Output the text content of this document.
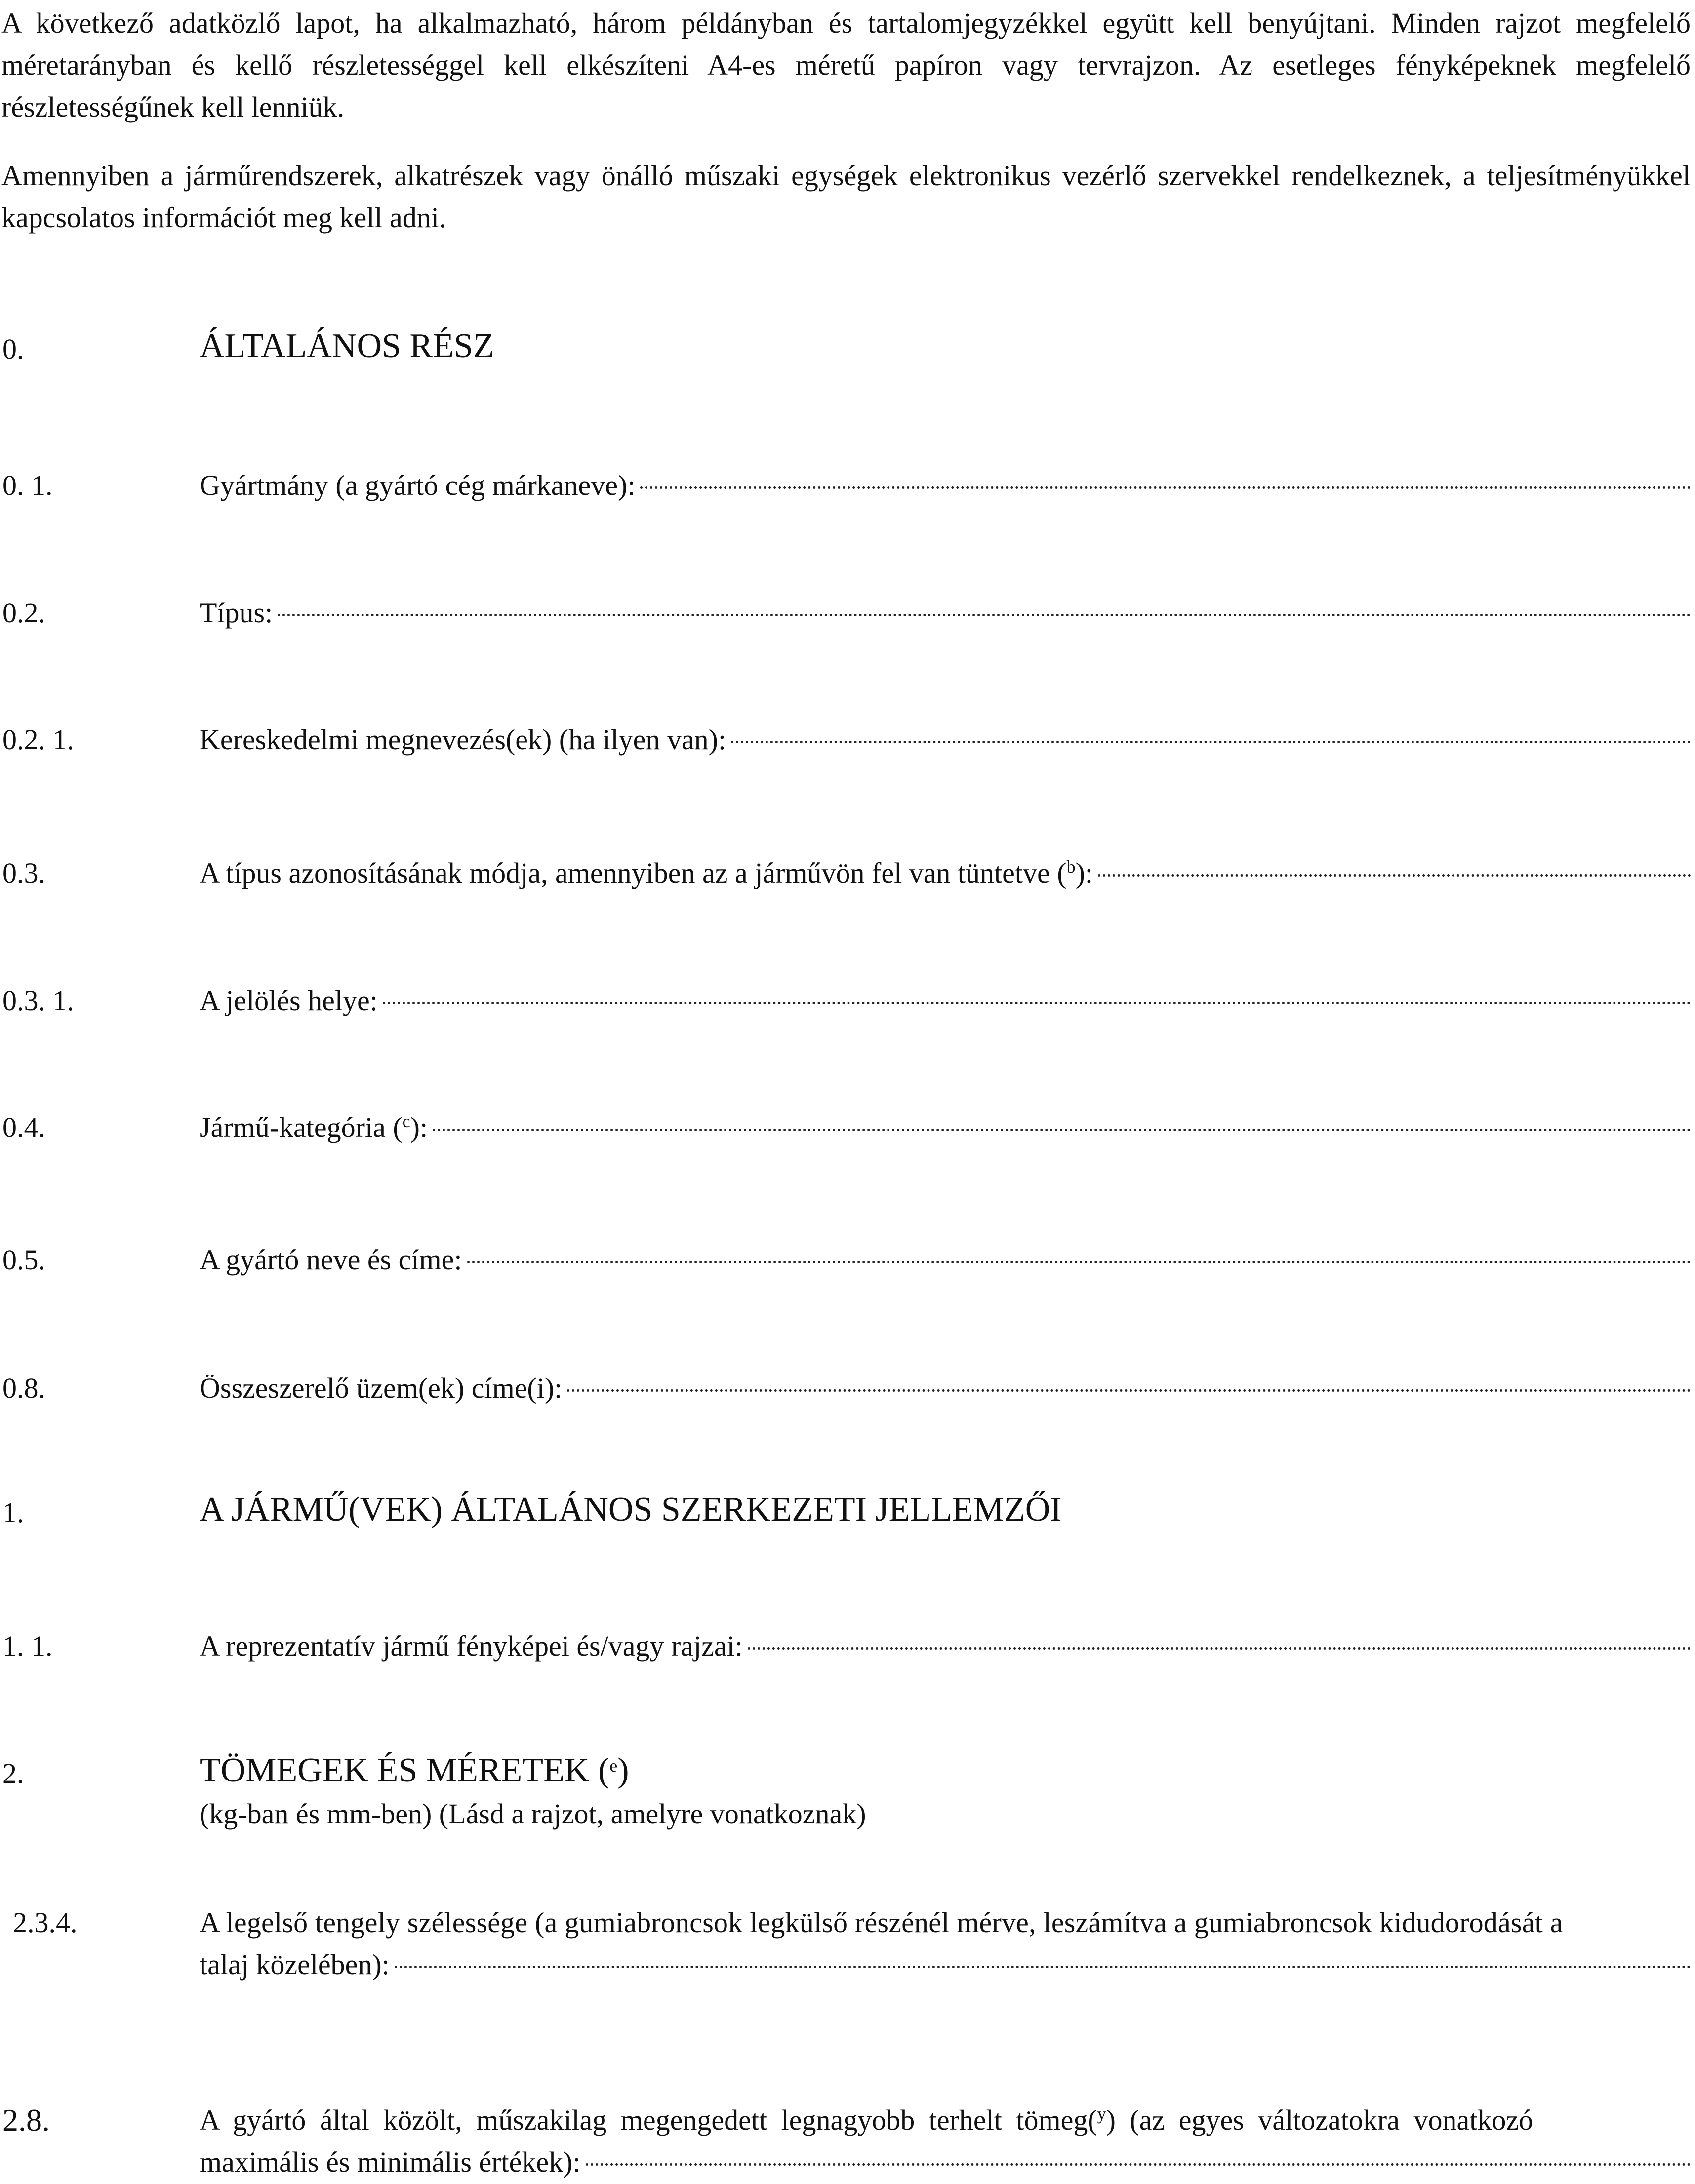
A következő adatközlő lapot, ha alkalmazható, három példányban és tartalomjegyzékkel együtt kell benyújtani. Minden rajzot megfelelő méretarányban és kellő részletességgel kell elkészíteni A4-es méretű papíron vagy tervrajzon. Az esetleges fényképeknek megfelelő részletességűnek kell lenniük.

Amennyiben a járműrendszerek, alkatrészek vagy önálló műszaki egységek elektronikus vezérlő szervekkel rendelkeznek, a teljesítményükkel kapcsolatos információt meg kell adni.

0.	ÁLTALÁNOS RÉSZ
0. 1.	Gyártmány (a gyártó cég márkaneve):
0.2.	Típus:
0.2. 1.	Kereskedelmi megnevezés(ek) (ha ilyen van):
0.3.	A típus azonosításának módja, amennyiben az a járművön fel van tüntetve ($^b$):
0.3. 1.	A jelölés helye:
0.4.	Jármű-kategória ($^c$):
0.5.	A gyártó neve és címe:
0.8.	Összeszerelő üzem(ek) címe(i):
1.	A JÁRMŰ(VEK) ÁLTALÁNOS SZERKEZETI JELLEMZŐI
1. 1.	A reprezentatív jármű fényképei és/vagy rajzai:
2.	TÖMEGEK ÉS MÉRETEK ($^e$)
(kg-ban és mm-ben) (Lásd a rajzot, amelyre vonatkoznak)
2.3.4.	A legelső tengely szélessége (a gumiabroncsok legkülső részénél mérve, leszámítva a gumiabroncsok kidudorodását a
talaj közelében):
2.8.	A gyártó által közölt, műszakilag megengedett legnagyobb terhelt tömeg($^y$) (az egyes változatokra vonatkozó
maximális és minimális értékek):
